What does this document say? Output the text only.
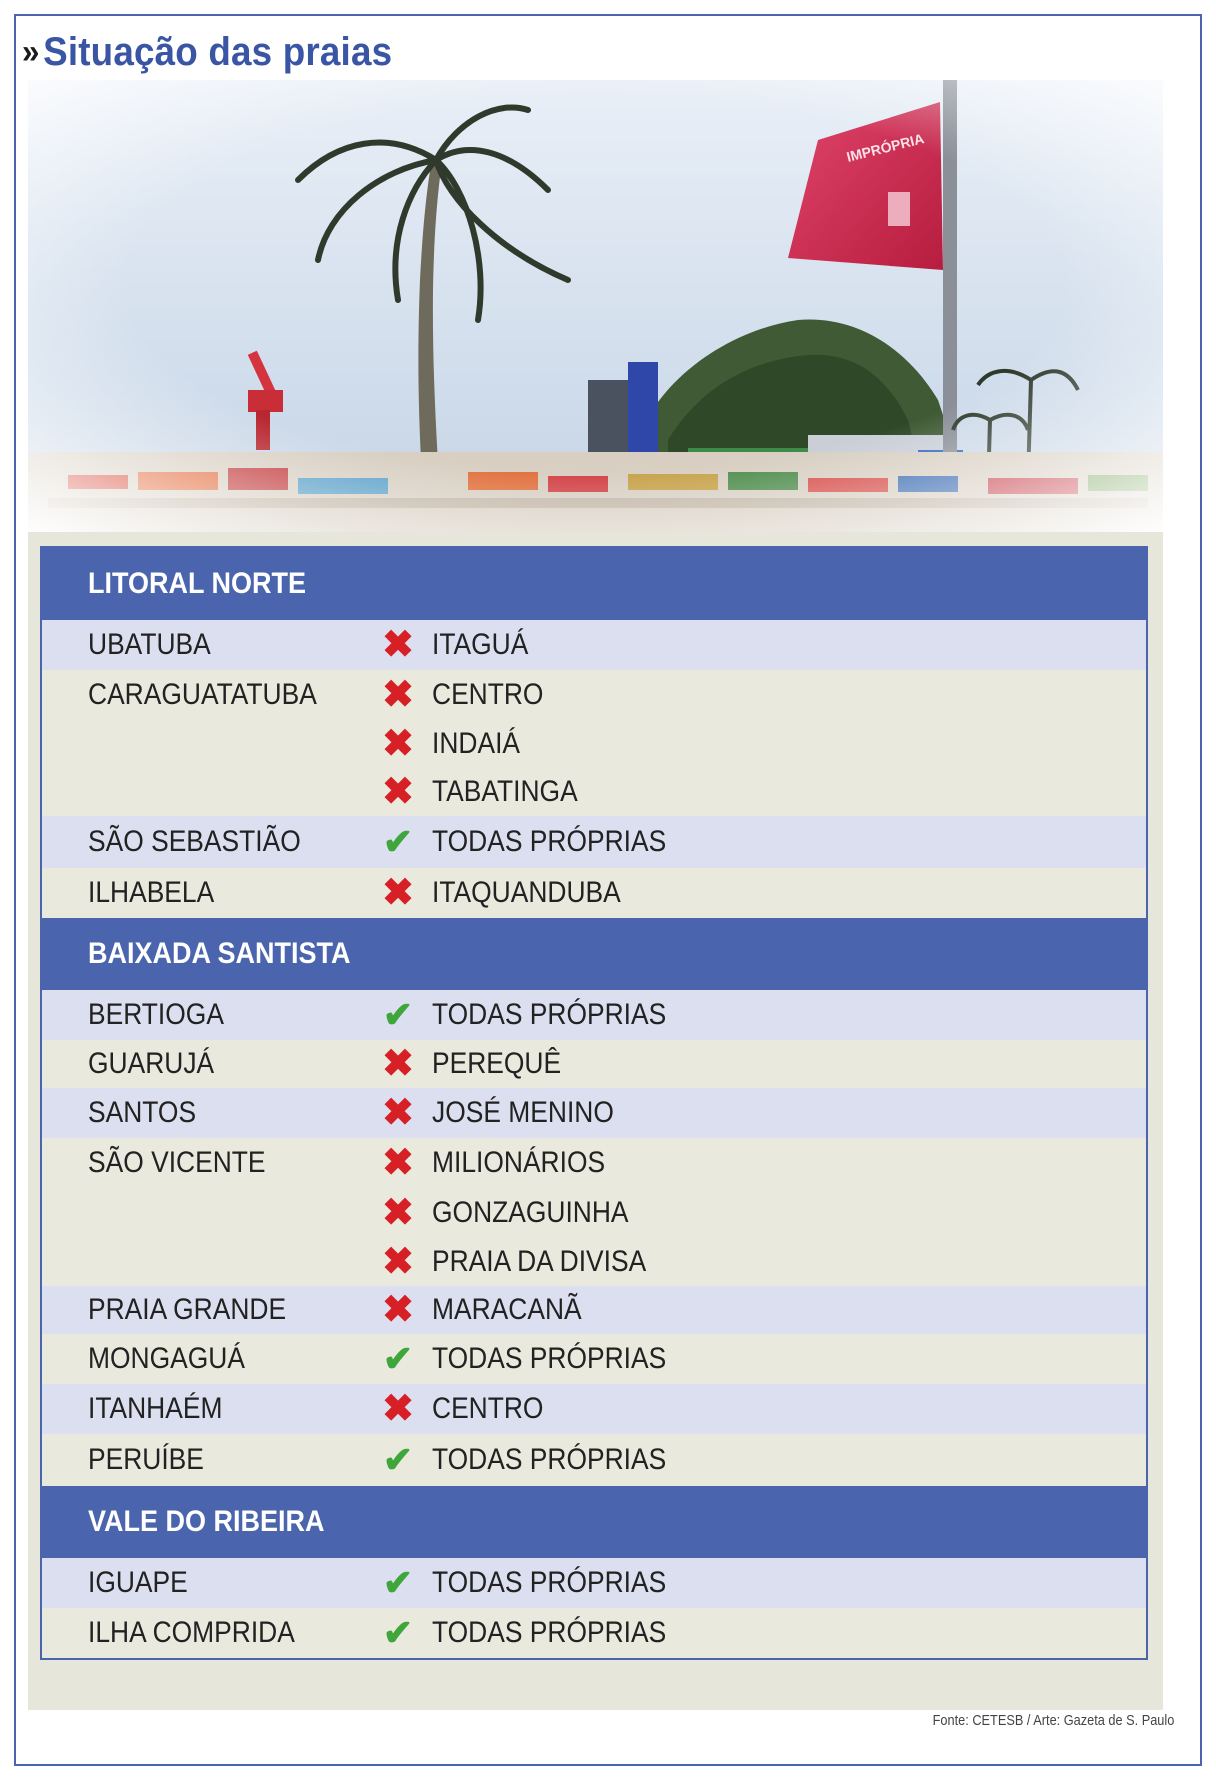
» Situação das praias
LITORAL NORTE
UBATUBA	✖ ITAGUÁ
CARAGUATATUBA	✖ CENTRO
✖ INDAIÁ
✖ TABATINGA
SÃO SEBASTIÃO	✔ TODAS PRÓPRIAS
ILHABELA	✖ ITAQUANDUBA
BAIXADA SANTISTA
BERTIOGA	✔ TODAS PRÓPRIAS
GUARUJÁ	✖ PEREQUÊ
SANTOS	✖ JOSÉ MENINO
SÃO VICENTE	✖ MILIONÁRIOS
✖ GONZAGUINHA
✖ PRAIA DA DIVISA
PRAIA GRANDE	✖ MARACANÃ
MONGAGUÁ	✔ TODAS PRÓPRIAS
ITANHAÉM	✖ CENTRO
PERUÍBE	✔ TODAS PRÓPRIAS
VALE DO RIBEIRA
IGUAPE	✔ TODAS PRÓPRIAS
ILHA COMPRIDA	✔ TODAS PRÓPRIAS
Fonte: CETESB / Arte: Gazeta de S. Paulo
